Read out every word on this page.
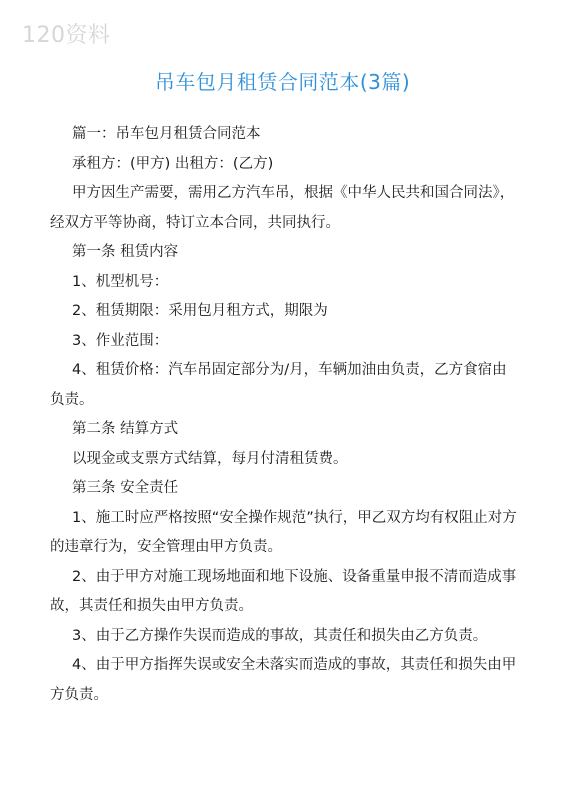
120资料
吊车包月租赁合同范本(3篇)

篇一：吊车包月租赁合同范本

承租方：(甲方) 出租方：(乙方)

甲方因生产需要，需用乙方汽车吊，根据《中华人民共和国合同法》，经双方平等协商，特订立本合同，共同执行。

第一条 租赁内容

1、机型机号：

2、租赁期限：采用包月租方式，期限为

3、作业范围：

4、租赁价格：汽车吊固定部分为/月，车辆加油由负责，乙方食宿由负责。

第二条 结算方式

以现金或支票方式结算，每月付清租赁费。

第三条 安全责任

1、施工时应严格按照“安全操作规范”执行，甲乙双方均有权阻止对方的违章行为，安全管理由甲方负责。

2、由于甲方对施工现场地面和地下设施、设备重量申报不清而造成事故，其责任和损失由甲方负责。

3、由于乙方操作失误而造成的事故，其责任和损失由乙方负责。

4、由于甲方指挥失误或安全未落实而造成的事故，其责任和损失由甲方负责。
